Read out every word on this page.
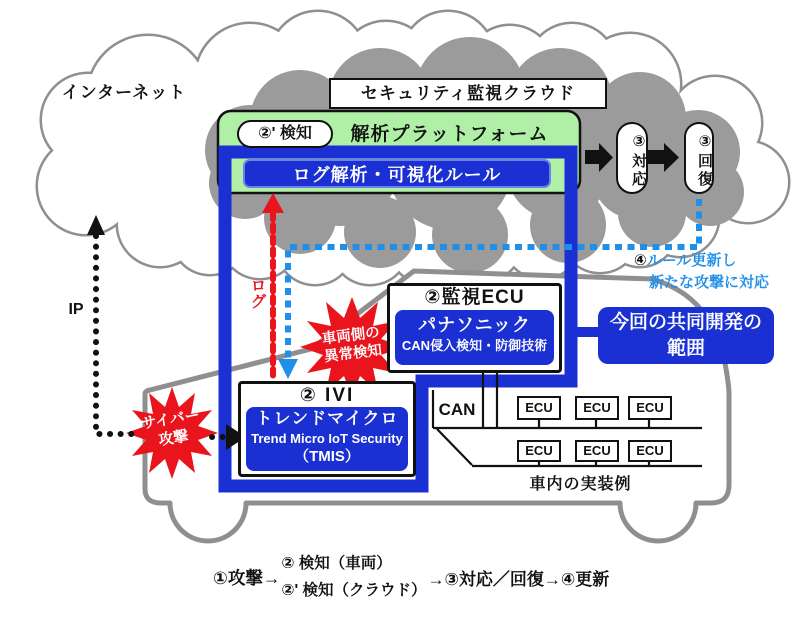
インターネット	セキュリティ監視クラウド
②' 検知	解析プラットフォーム
ログ解析・可視化ルール	③対応	③回復
④ルール更新し
新たな攻撃に対応
ログ
IP
②監視ECU
パナソニック
CAN侵入検知・防御技術
今回の共同開発の
範囲
② IVI
トレンドマイクロ
Trend Micro IoT Security
（TMIS）
サイバー
攻撃
車両側の
異常検知
CAN	ECU	ECU	ECU
ECU	ECU	ECU
車内の実装例
①攻撃→
② 検知（車両）
②' 検知（クラウド）
→③対応／回復→④更新
